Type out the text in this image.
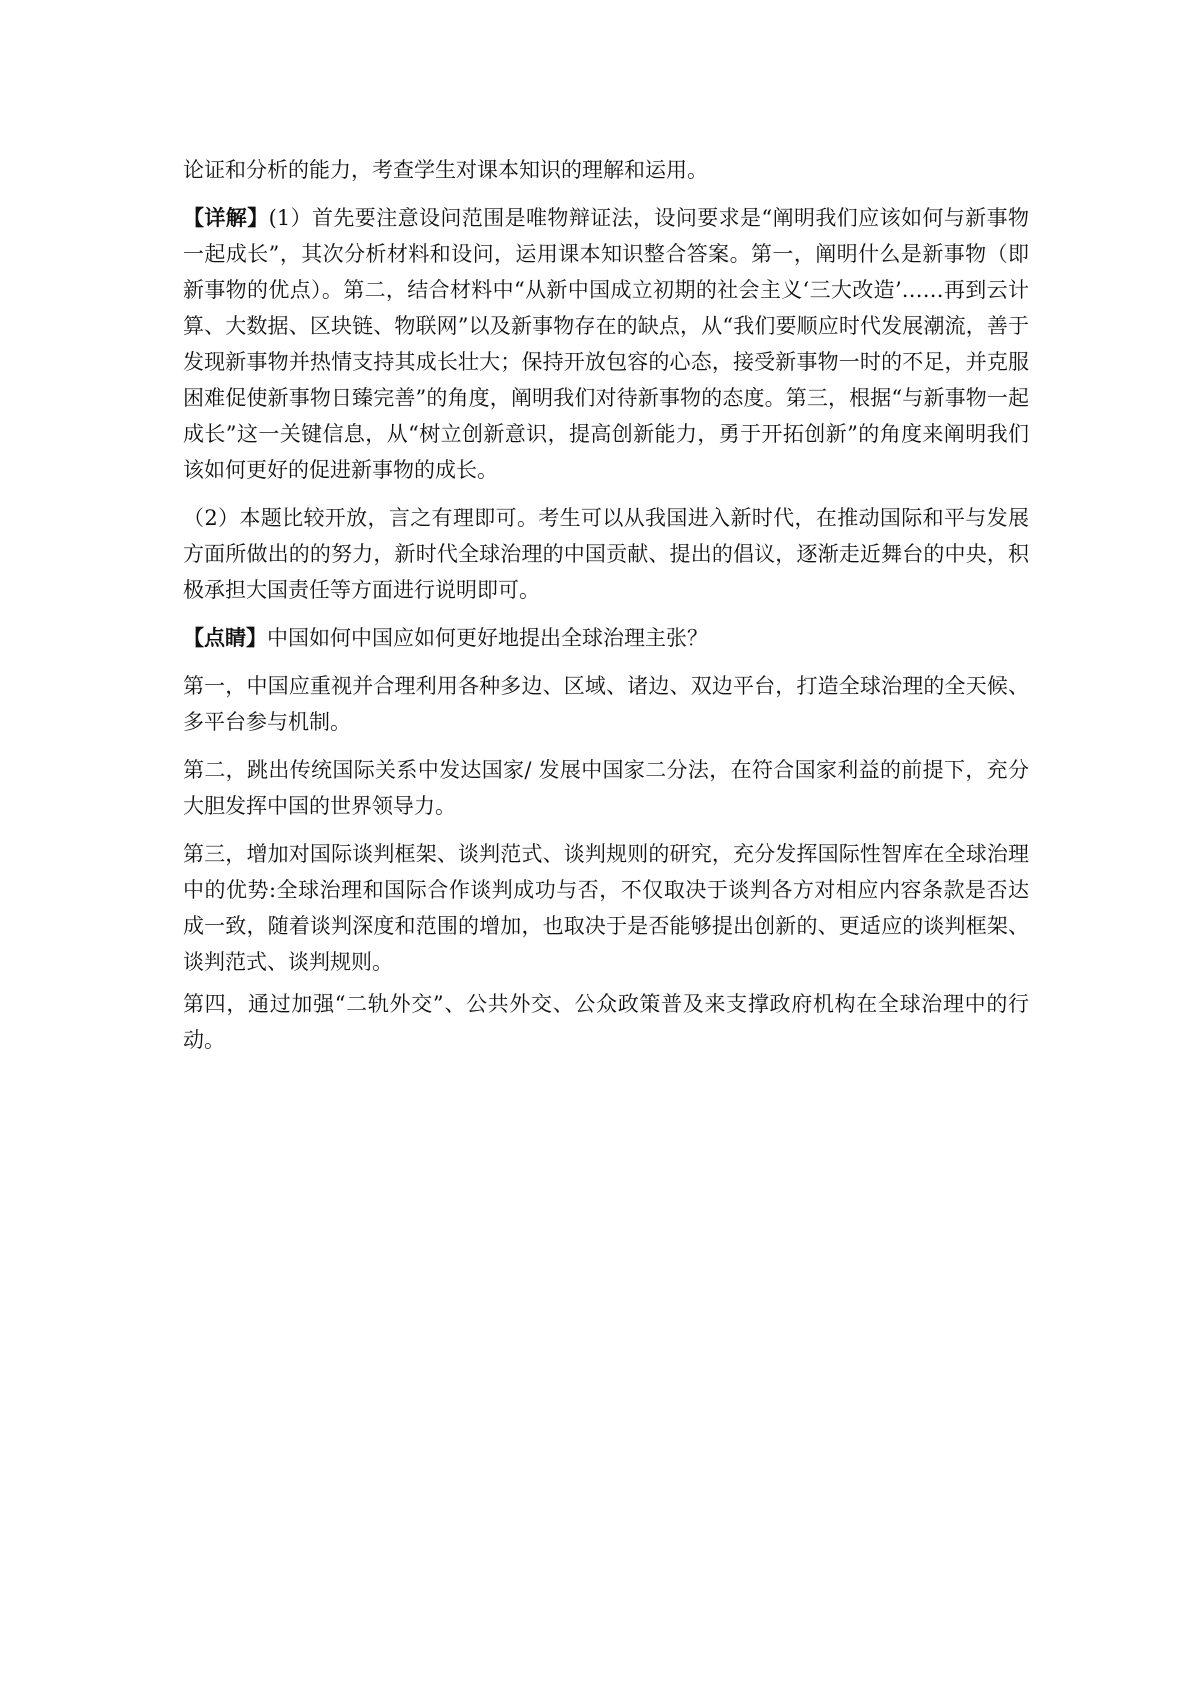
论证和分析的能力，考查学生对课本知识的理解和运用。

【详解】(1）首先要注意设问范围是唯物辩证法，设问要求是“阐明我们应该如何与新事物一起成长”，其次分析材料和设问，运用课本知识整合答案。第一，阐明什么是新事物（即新事物的优点）。第二，结合材料中“从新中国成立初期的社会主义‘三大改造’……再到云计算、大数据、区块链、物联网”以及新事物存在的缺点，从“我们要顺应时代发展潮流，善于发现新事物并热情支持其成长壮大；保持开放包容的心态，接受新事物一时的不足，并克服困难促使新事物日臻完善”的角度，阐明我们对待新事物的态度。第三，根据“与新事物一起成长”这一关键信息，从“树立创新意识，提高创新能力，勇于开拓创新”的角度来阐明我们该如何更好的促进新事物的成长。

（2）本题比较开放，言之有理即可。考生可以从我国进入新时代，在推动国际和平与发展方面所做出的的努力，新时代全球治理的中国贡献、提出的倡议，逐渐走近舞台的中央，积极承担大国责任等方面进行说明即可。

【点睛】中国如何中国应如何更好地提出全球治理主张？

第一，中国应重视并合理利用各种多边、区域、诸边、双边平台，打造全球治理的全天候、多平台参与机制。

第二，跳出传统国际关系中发达国家/ 发展中国家二分法，在符合国家利益的前提下，充分大胆发挥中国的世界领导力。

第三，增加对国际谈判框架、谈判范式、谈判规则的研究，充分发挥国际性智库在全球治理中的优势:全球治理和国际合作谈判成功与否，不仅取决于谈判各方对相应内容条款是否达成一致，随着谈判深度和范围的增加，也取决于是否能够提出创新的、更适应的谈判框架、谈判范式、谈判规则。

第四，通过加强“二轨外交”、公共外交、公众政策普及来支撑政府机构在全球治理中的行动。
